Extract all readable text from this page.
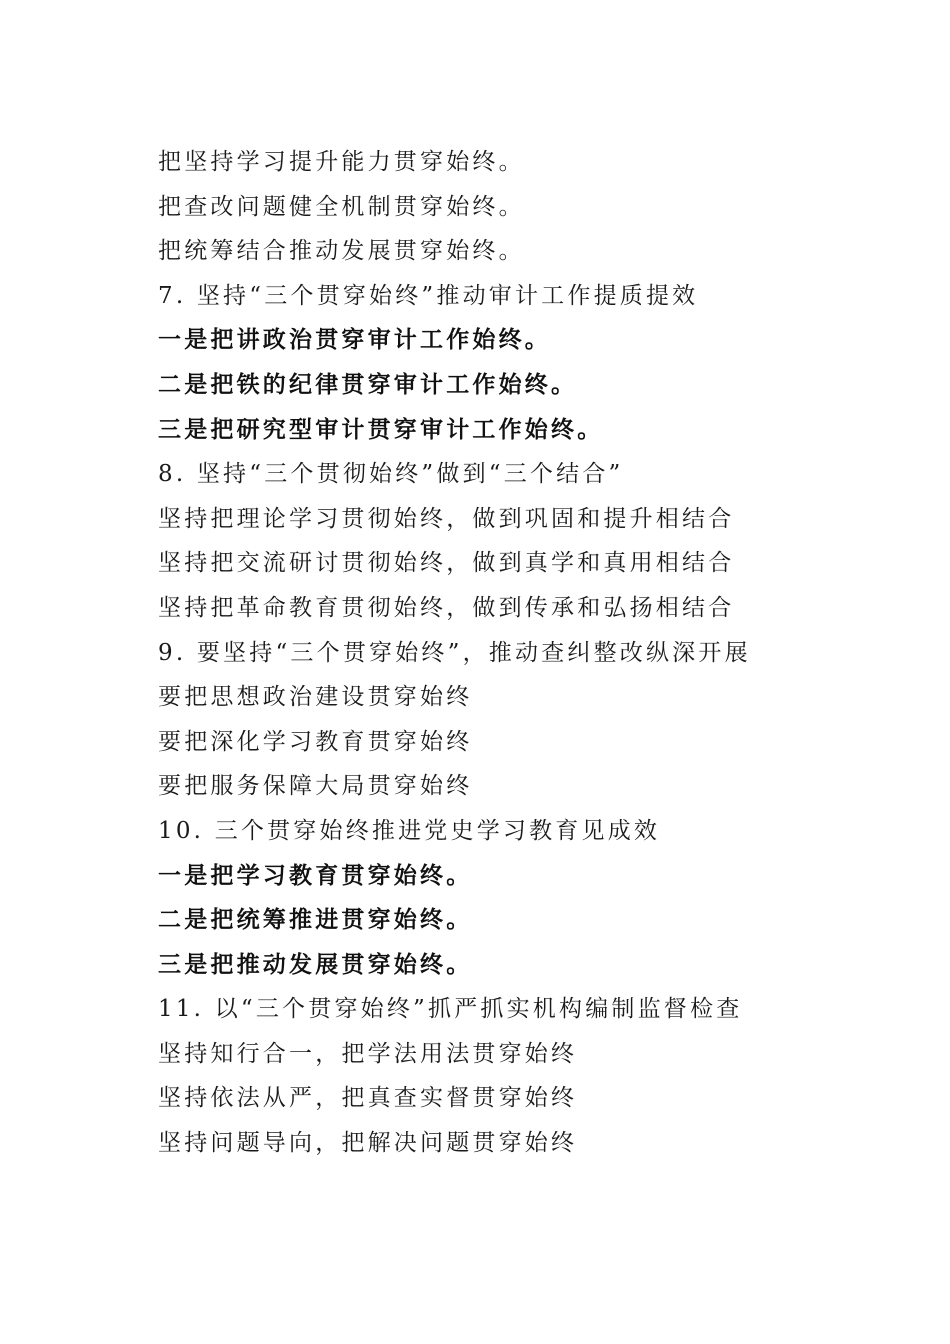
把坚持学习提升能力贯穿始终。
把查改问题健全机制贯穿始终。
把统筹结合推动发展贯穿始终。
7. 坚持“三个贯穿始终”推动审计工作提质提效
一是把讲政治贯穿审计工作始终。
二是把铁的纪律贯穿审计工作始终。
三是把研究型审计贯穿审计工作始终。
8. 坚持“三个贯彻始终”做到“三个结合”
坚持把理论学习贯彻始终，做到巩固和提升相结合
坚持把交流研讨贯彻始终，做到真学和真用相结合
坚持把革命教育贯彻始终，做到传承和弘扬相结合
9. 要坚持“三个贯穿始终”，推动查纠整改纵深开展
要把思想政治建设贯穿始终
要把深化学习教育贯穿始终
要把服务保障大局贯穿始终
10. 三个贯穿始终推进党史学习教育见成效
一是把学习教育贯穿始终。
二是把统筹推进贯穿始终。
三是把推动发展贯穿始终。
11. 以“三个贯穿始终”抓严抓实机构编制监督检查
坚持知行合一，把学法用法贯穿始终
坚持依法从严，把真查实督贯穿始终
坚持问题导向，把解决问题贯穿始终
